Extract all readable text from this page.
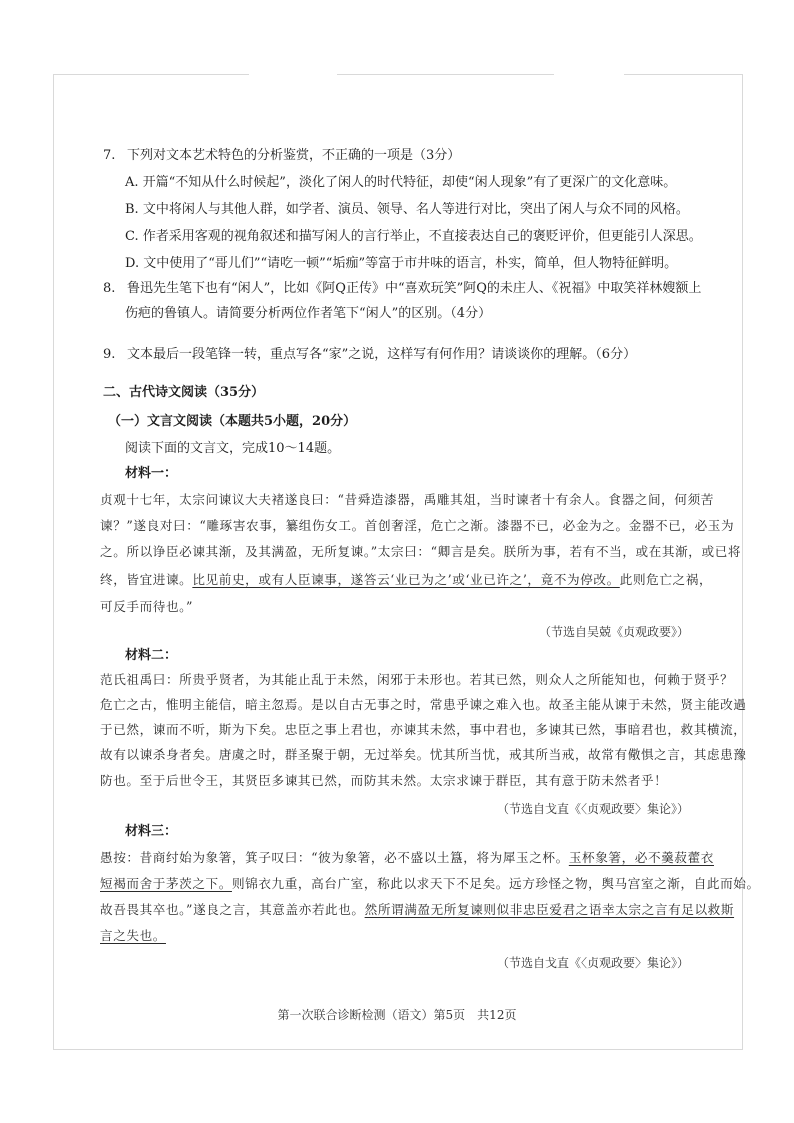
7. 下列对文本艺术特色的分析鉴赏，不正确的一项是（3分）
A. 开篇“不知从什么时候起”，淡化了闲人的时代特征，却使“闲人现象”有了更深广的文化意味。
B. 文中将闲人与其他人群，如学者、演员、领导、名人等进行对比，突出了闲人与众不同的风格。
C. 作者采用客观的视角叙述和描写闲人的言行举止，不直接表达自己的褒贬评价，但更能引人深思。
D. 文中使用了“哥儿们”“请吃一顿”“垢痂”等富于市井味的语言，朴实，简单，但人物特征鲜明。
8. 鲁迅先生笔下也有“闲人”，比如《阿Q正传》中“喜欢玩笑”阿Q的未庄人、《祝福》中取笑祥林嫂额上
伤疤的鲁镇人。请简要分析两位作者笔下“闲人”的区别。（4分）
9. 文本最后一段笔锋一转，重点写各“家”之说，这样写有何作用？请谈谈你的理解。（6分）
二、古代诗文阅读（35分）
（一）文言文阅读（本题共5小题，20分）
阅读下面的文言文，完成10～14题。
材料一：
贞观十七年，太宗问谏议大夫褚遂良曰：“昔舜造漆器，禹雕其俎，当时谏者十有余人。食器之间，何须苦
谏？”遂良对曰：“雕琢害农事，纂组伤女工。首创奢淫，危亡之渐。漆器不已，必金为之。金器不已，必玉为
之。所以诤臣必谏其渐，及其满盈，无所复谏。”太宗曰：“卿言是矣。朕所为事，若有不当，或在其渐，或已将
终，皆宜进谏。比见前史，或有人臣谏事，遂答云‘业已为之’或‘业已许之’，竟不为停改。此则危亡之祸，
可反手而待也。”
（节选自吴兢《贞观政要》）
材料二：
范氏祖禹曰：所贵乎贤者，为其能止乱于未然，闲邪于未形也。若其已然，则众人之所能知也，何赖于贤乎？
危亡之古，惟明主能信，暗主忽焉。是以自古无事之时，常患乎谏之难入也。故圣主能从谏于未然，贤主能改過
于已然，谏而不听，斯为下矣。忠臣之事上君也，亦谏其未然，事中君也，多谏其已然，事暗君也，救其横流，
故有以谏杀身者矣。唐虞之时，群圣聚于朝，无过举矣。忧其所当忧，戒其所当戒，故常有儆惧之言，其虑患豫
防也。至于后世令王，其贤臣多谏其已然，而防其未然。太宗求谏于群臣，其有意于防未然者乎！
（节选自戈直《〈贞观政要〉集论》）
材料三：
愚按：昔商纣始为象箸，箕子叹曰：“彼为象箸，必不盛以土簋，将为犀玉之杯。玉杯象箸，必不羹菽藿衣
短褐而舍于茅茨之下。则锦衣九重，高台广室，称此以求天下不足矣。远方珍怪之物，舆马宫室之渐，自此而始。
故吾畏其卒也。”遂良之言，其意盖亦若此也。然所谓满盈无所复谏则似非忠臣爱君之语幸太宗之言有足以救斯
言之失也。
（节选自戈直《〈贞观政要〉集论》）
第一次联合诊断检测（语文）第5页　共12页
